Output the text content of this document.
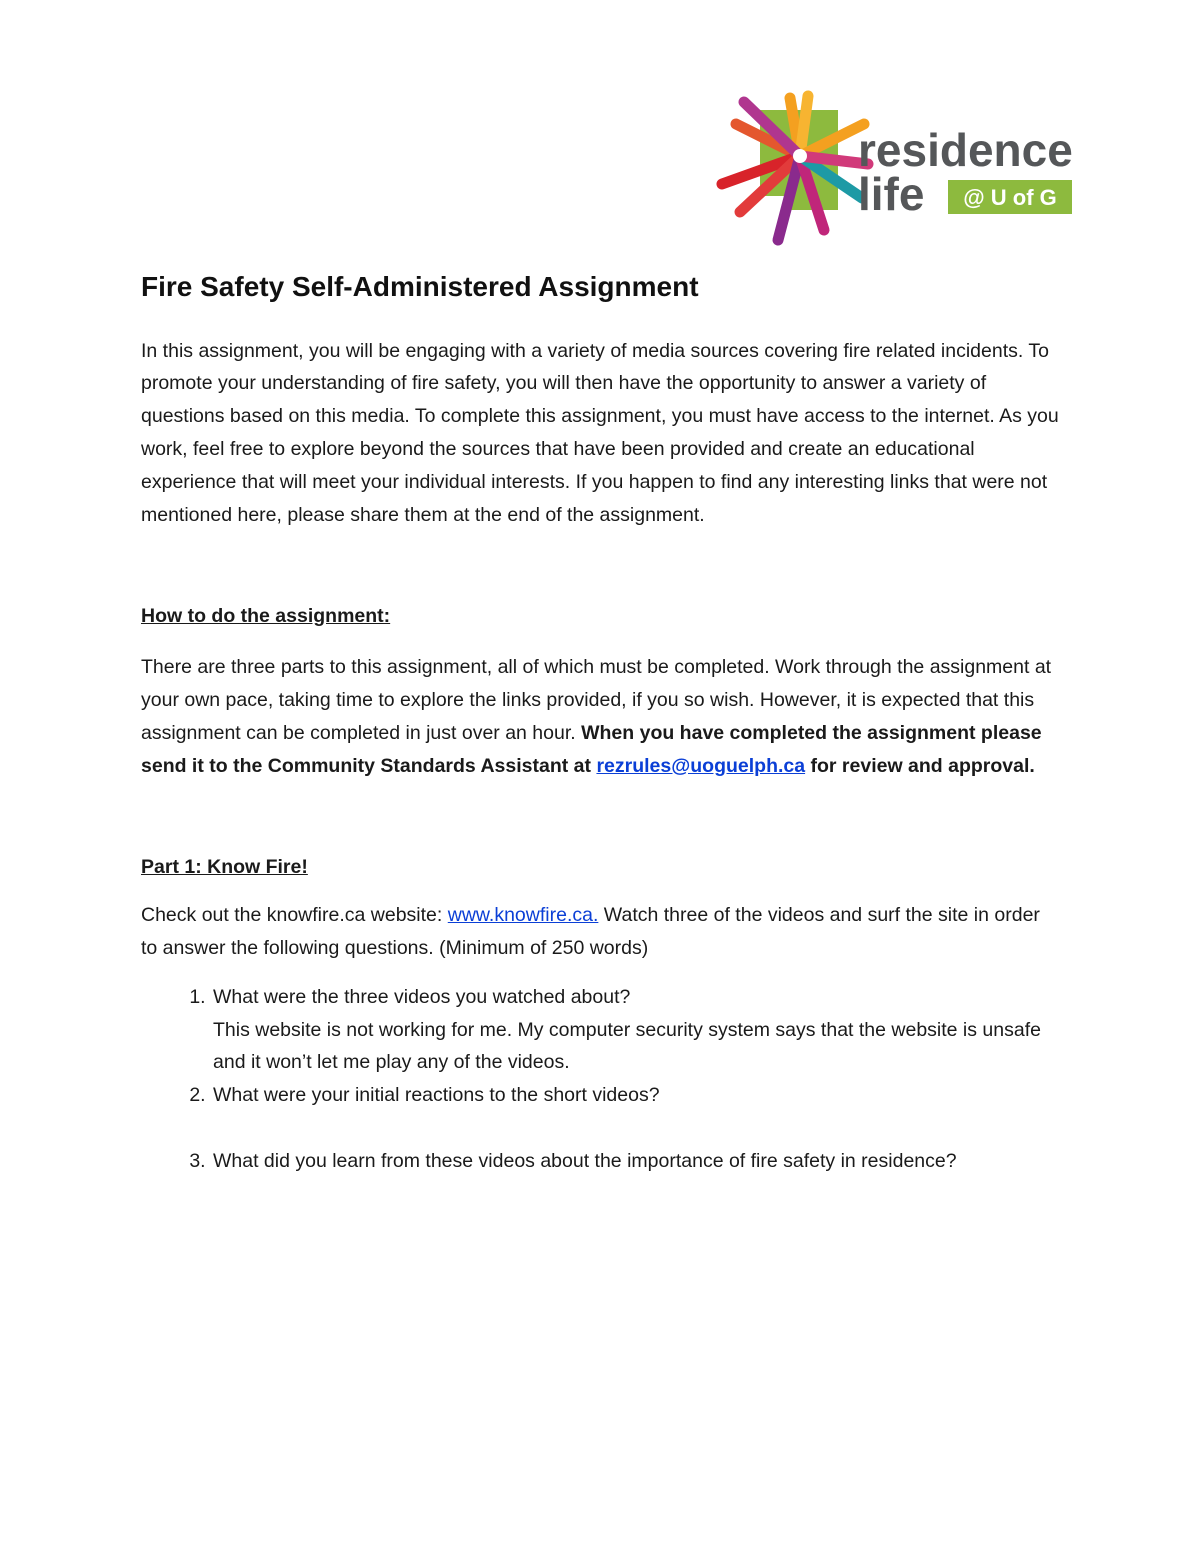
residence
life @ U of G
Fire Safety Self-Administered Assignment

In this assignment, you will be engaging with a variety of media sources covering fire related incidents. To promote your understanding of fire safety, you will then have the opportunity to answer a variety of questions based on this media. To complete this assignment, you must have access to the internet. As you work, feel free to explore beyond the sources that have been provided and create an educational experience that will meet your individual interests. If you happen to find any interesting links that were not mentioned here, please share them at the end of the assignment.

How to do the assignment:

There are three parts to this assignment, all of which must be completed. Work through the assignment at your own pace, taking time to explore the links provided, if you so wish. However, it is expected that this assignment can be completed in just over an hour. When you have completed the assignment please send it to the Community Standards Assistant at rezrules@uoguelph.ca for review and approval.

Part 1: Know Fire!

Check out the knowfire.ca website: www.knowfire.ca. Watch three of the videos and surf the site in order to answer the following questions. (Minimum of 250 words)

1. What were the three videos you watched about?
This website is not working for me. My computer security system says that the website is unsafe and it won’t let me play any of the videos.
2. What were your initial reactions to the short videos?
3. What did you learn from these videos about the importance of fire safety in residence?
